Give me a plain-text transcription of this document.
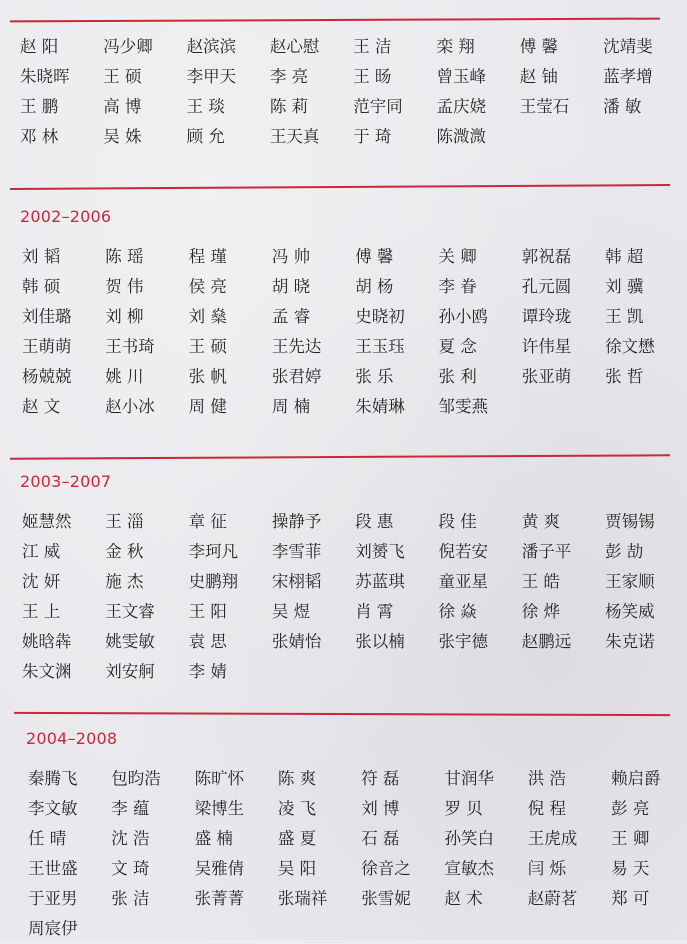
赵 阳	冯少卿	赵滨滨	赵心慰	王 洁	栾 翔	傅 馨	沈靖斐
朱晓晖	王 硕	李甲天	李 亮	王 旸	曾玉峰	赵 铀	蓝孝增
王 鹏	高 博	王 琰	陈 莉	范宇同	孟庆娆	王莹石	潘 敏
邓 林	吴 姝	顾 允	王天真	于 琦	陈溦溦
2002–2006
刘 韬	陈 瑶	程 瑾	冯 帅	傅 馨	关 卿	郭祝磊	韩 超
韩 硕	贺 伟	侯 亮	胡 晓	胡 杨	李 眷	孔元圆	刘 骥
刘佳璐	刘 柳	刘 燊	孟 睿	史晓初	孙小鸥	谭玲珑	王 凯
王萌萌	王书琦	王 硕	王先达	王玉珏	夏 念	许伟星	徐文懋
杨兢兢	姚 川	张 帆	张君婷	张 乐	张 利	张亚萌	张 哲
赵 文	赵小冰	周 健	周 楠	朱婧琳	邹雯燕
2003–2007
姬慧然	王 淄	章 征	操静予	段 惠	段 佳	黄 爽	贾锡锡
江 威	金 秋	李珂凡	李雪菲	刘赟飞	倪若安	潘子平	彭 劼
沈 妍	施 杰	史鹏翔	宋栩韬	苏蓝琪	童亚星	王 皓	王家顺
王 上	王文睿	王 阳	吴 煜	肖 霄	徐 焱	徐 烨	杨笑威
姚晗犇	姚雯敏	袁 思	张婧怡	张以楠	张宇德	赵鹏远	朱克诺
朱文渊	刘安舸	李 婧
2004–2008
秦腾飞	包昀浩	陈旷怀	陈 爽	符 磊	甘润华	洪 浩	赖启爵
李文敏	李 蕴	梁博生	凌 飞	刘 博	罗 贝	倪 程	彭 亮
任 晴	沈 浩	盛 楠	盛 夏	石 磊	孙笑白	王虎成	王 卿
王世盛	文 琦	吴雅倩	吴 阳	徐音之	宣敏杰	闫 烁	易 天
于亚男	张 洁	张菁菁	张瑞祥	张雪妮	赵 术	赵蔚茗	郑 可
周宸伊
